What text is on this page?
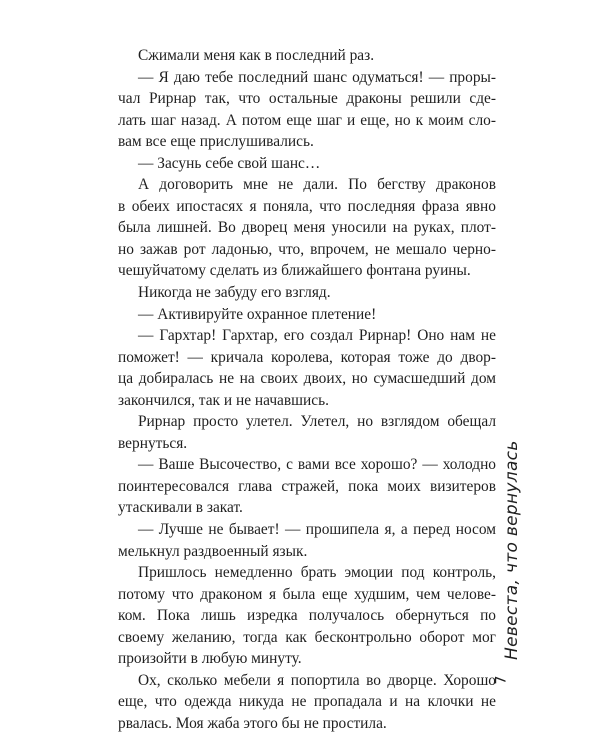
Сжимали меня как в последний раз.
— Я даю тебе последний шанс одуматься! — проры-
чал Рирнар так, что остальные драконы решили сде-
лать шаг назад. А потом еще шаг и еще, но к моим сло-
вам все еще прислушивались.
— Засунь себе свой шанс…
А договорить мне не дали. По бегству драконов
в обеих ипостасях я поняла, что последняя фраза явно
была лишней. Во дворец меня уносили на руках, плот-
но зажав рот ладонью, что, впрочем, не мешало черно-
чешуйчатому сделать из ближайшего фонтана руины.
Никогда не забуду его взгляд.
— Активируйте охранное плетение!
— Гархтар! Гархтар, его создал Рирнар! Оно нам не
поможет! — кричала королева, которая тоже до двор-
ца добиралась не на своих двоих, но сумасшедший дом
закончился, так и не начавшись.
Рирнар просто улетел. Улетел, но взглядом обещал
вернуться.
— Ваше Высочество, с вами все хорошо? — холодно
поинтересовался глава стражей, пока моих визитеров
утаскивали в закат.
— Лучше не бывает! — прошипела я, а перед носом
мелькнул раздвоенный язык.
Пришлось немедленно брать эмоции под контроль,
потому что драконом я была еще худшим, чем челове-
ком. Пока лишь изредка получалось обернуться по
своему желанию, тогда как бесконтрольно оборот мог
произойти в любую минуту.
Ох, сколько мебели я попортила во дворце. Хорошо
еще, что одежда никуда не пропадала и на клочки не
рвалась. Моя жаба этого бы не простила.
Невеста, что вернулась
7
